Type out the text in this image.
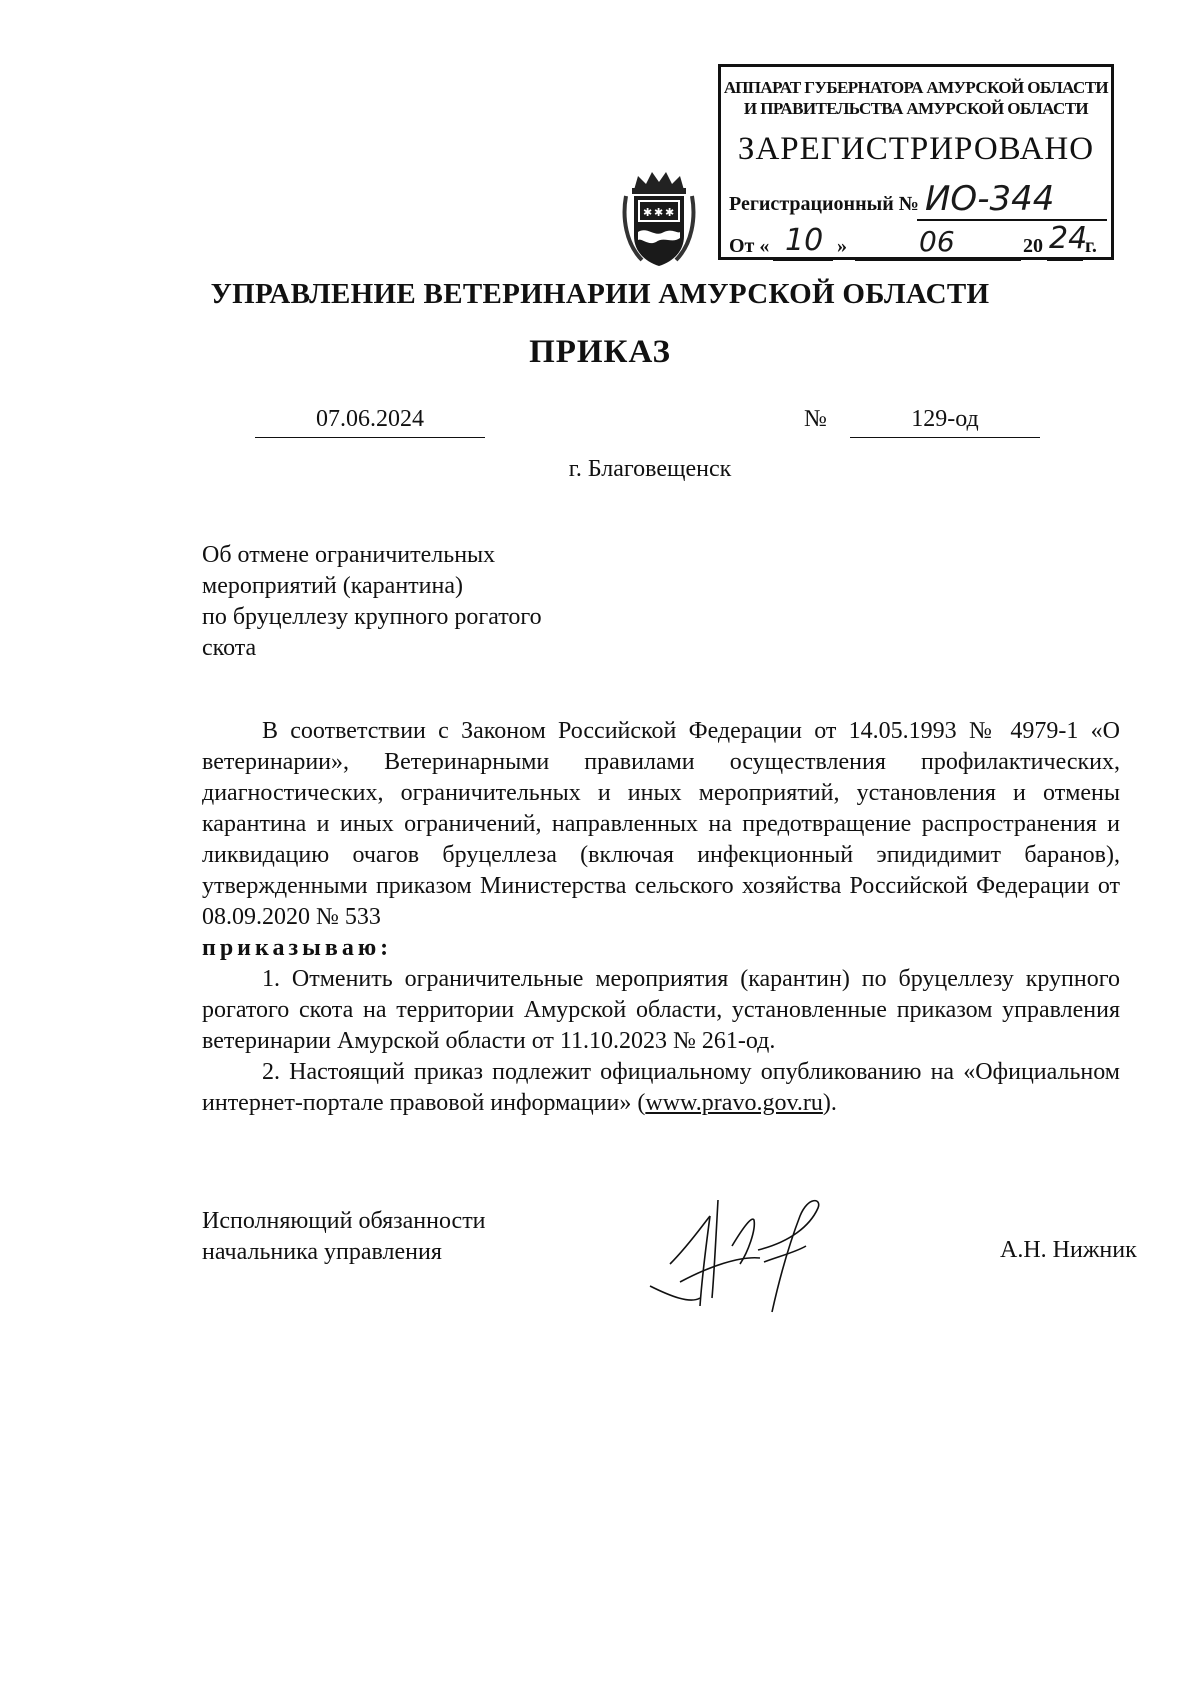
АППАРАТ ГУБЕРНАТОРА АМУРСКОЙ ОБЛАСТИ
И ПРАВИТЕЛЬСТВА АМУРСКОЙ ОБЛАСТИ
ЗАРЕГИСТРИРОВАНО
Регистрационный № ИО-344
От « 10 »	06	20 24
г.
✱ ✱ ✱
УПРАВЛЕНИЕ ВЕТЕРИНАРИИ АМУРСКОЙ ОБЛАСТИ
ПРИКАЗ
07.06.2024	№	129-од
г. Благовещенск
Об отмене ограничительных
мероприятий (карантина)
по бруцеллезу крупного рогатого
скота

В соответствии с Законом Российской Федерации от 14.05.1993 № 4979-1 «О ветеринарии», Ветеринарными правилами осуществления профилактических, диагностических, ограничительных и иных мероприятий, установления и отмены карантина и иных ограничений, направленных на предотвращение распространения и ликвидацию очагов бруцеллеза (включая инфекционный эпидидимит баранов), утвержденными приказом Министерства сельского хозяйства Российской Федерации от 08.09.2020 № 533

приказываю:

1. Отменить ограничительные мероприятия (карантин) по бруцеллезу крупного рогатого скота на территории Амурской области, установленные приказом управления ветеринарии Амурской области от 11.10.2023 № 261-од.

2. Настоящий приказ подлежит официальному опубликованию на «Официальном интернет-портале правовой информации» (www.pravo.gov.ru).

Исполняющий обязанности
начальника управления	А.Н. Нижник
